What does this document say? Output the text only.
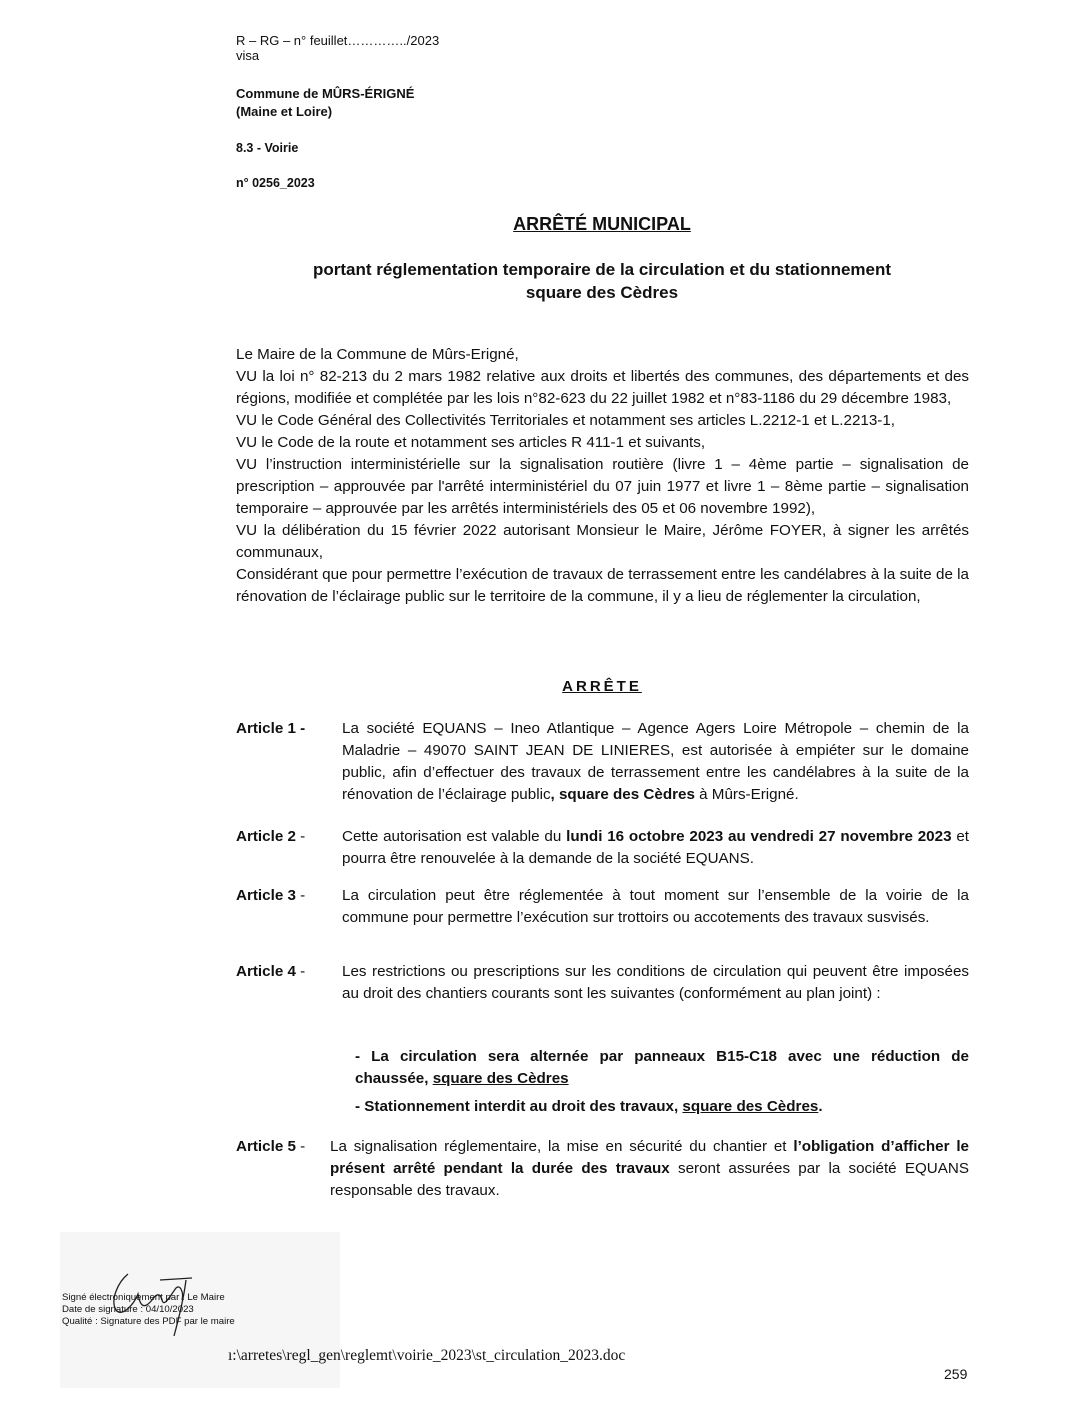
R – RG – n° feuillet…………../2023
visa
Commune de MÛRS-ÉRIGNÉ
(Maine et Loire)
8.3 - Voirie
n° 0256_2023
ARRÊTÉ MUNICIPAL
portant réglementation temporaire de la circulation et du stationnement
square des Cèdres

Le Maire de la Commune de Mûrs-Erigné,

VU la loi n° 82-213 du 2 mars 1982 relative aux droits et libertés des communes, des départements et des régions, modifiée et complétée par les lois n°82-623 du 22 juillet 1982 et n°83-1186 du 29 décembre 1983,

VU le Code Général des Collectivités Territoriales et notamment ses articles L.2212-1 et L.2213-1,

VU le Code de la route et notamment ses articles R 411-1 et suivants,

VU l’instruction interministérielle sur la signalisation routière (livre 1 – 4ème partie – signalisation de prescription – approuvée par l'arrêté interministériel du 07 juin 1977 et livre 1 – 8ème partie – signalisation temporaire – approuvée par les arrêtés interministériels des 05 et 06 novembre 1992),

VU la délibération du 15 février 2022 autorisant Monsieur le Maire, Jérôme FOYER, à signer les arrêtés communaux,

Considérant que pour permettre l’exécution de travaux de terrassement entre les candélabres à la suite de la rénovation de l’éclairage public sur le territoire de la commune, il y a lieu de réglementer la circulation,

ARRÊTE
Article 1 - La société EQUANS – Ineo Atlantique – Agence Agers Loire Métropole – chemin de la Maladrie – 49070 SAINT JEAN DE LINIERES, est autorisée à empiéter sur le domaine public, afin d’effectuer des travaux de terrassement entre les candélabres à la suite de la rénovation de l’éclairage public, square des Cèdres à Mûrs-Erigné.
Article 2 - Cette autorisation est valable du lundi 16 octobre 2023 au vendredi 27 novembre 2023 et pourra être renouvelée à la demande de la société EQUANS.
Article 3 - La circulation peut être réglementée à tout moment sur l’ensemble de la voirie de la commune pour permettre l’exécution sur trottoirs ou accotements des travaux susvisés.
Article 4 - Les restrictions ou prescriptions sur les conditions de circulation qui peuvent être imposées au droit des chantiers courants sont les suivantes (conformément au plan joint) :
- La circulation sera alternée par panneaux B15-C18 avec une réduction de chaussée, square des Cèdres
- Stationnement interdit au droit des travaux, square des Cèdres.
Article 5 - La signalisation réglementaire, la mise en sécurité du chantier et l’obligation d’afficher le présent arrêté pendant la durée des travaux seront assurées par la société EQUANS responsable des travaux.
Signé électroniquement par : Le Maire
Date de signature : 04/10/2023
Qualité : Signature des PDF par le maire
ı:\arretes\regl_gen\reglemt\voirie_2023\st_circulation_2023.doc
259
